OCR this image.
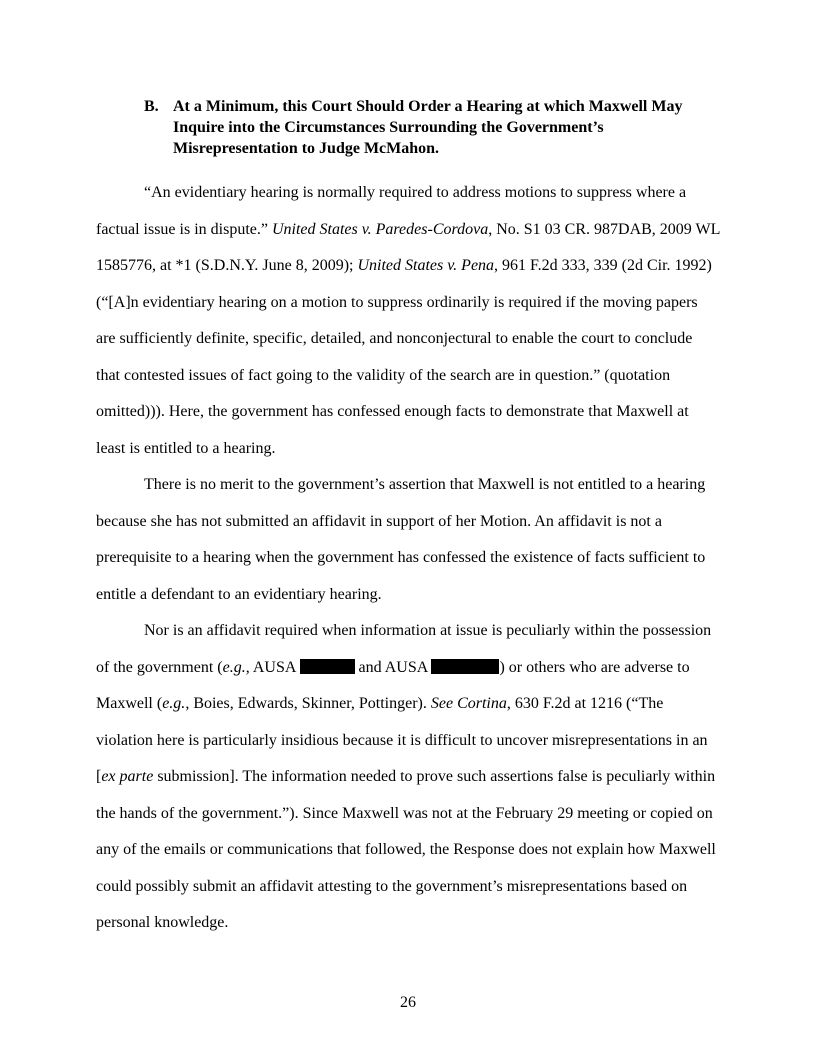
B. At a Minimum, this Court Should Order a Hearing at which Maxwell May Inquire into the Circumstances Surrounding the Government’s Misrepresentation to Judge McMahon.

“An evidentiary hearing is normally required to address motions to suppress where a factual issue is in dispute.” United States v. Paredes-Cordova, No. S1 03 CR. 987DAB, 2009 WL 1585776, at *1 (S.D.N.Y. June 8, 2009); United States v. Pena, 961 F.2d 333, 339 (2d Cir. 1992) (“[A]n evidentiary hearing on a motion to suppress ordinarily is required if the moving papers are sufficiently definite, specific, detailed, and nonconjectural to enable the court to conclude that contested issues of fact going to the validity of the search are in question.” (quotation omitted))). Here, the government has confessed enough facts to demonstrate that Maxwell at least is entitled to a hearing.

There is no merit to the government’s assertion that Maxwell is not entitled to a hearing because she has not submitted an affidavit in support of her Motion. An affidavit is not a prerequisite to a hearing when the government has confessed the existence of facts sufficient to entitle a defendant to an evidentiary hearing.

Nor is an affidavit required when information at issue is peculiarly within the possession of the government (e.g., AUSA	and AUSA	) or others who are adverse to Maxwell (e.g., Boies, Edwards, Skinner, Pottinger). See Cortina, 630 F.2d at 1216 (“The violation here is particularly insidious because it is difficult to uncover misrepresentations in an [ex parte submission]. The information needed to prove such assertions false is peculiarly within the hands of the government.”). Since Maxwell was not at the February 29 meeting or copied on any of the emails or communications that followed, the Response does not explain how Maxwell could possibly submit an affidavit attesting to the government’s misrepresentations based on personal knowledge.

26
